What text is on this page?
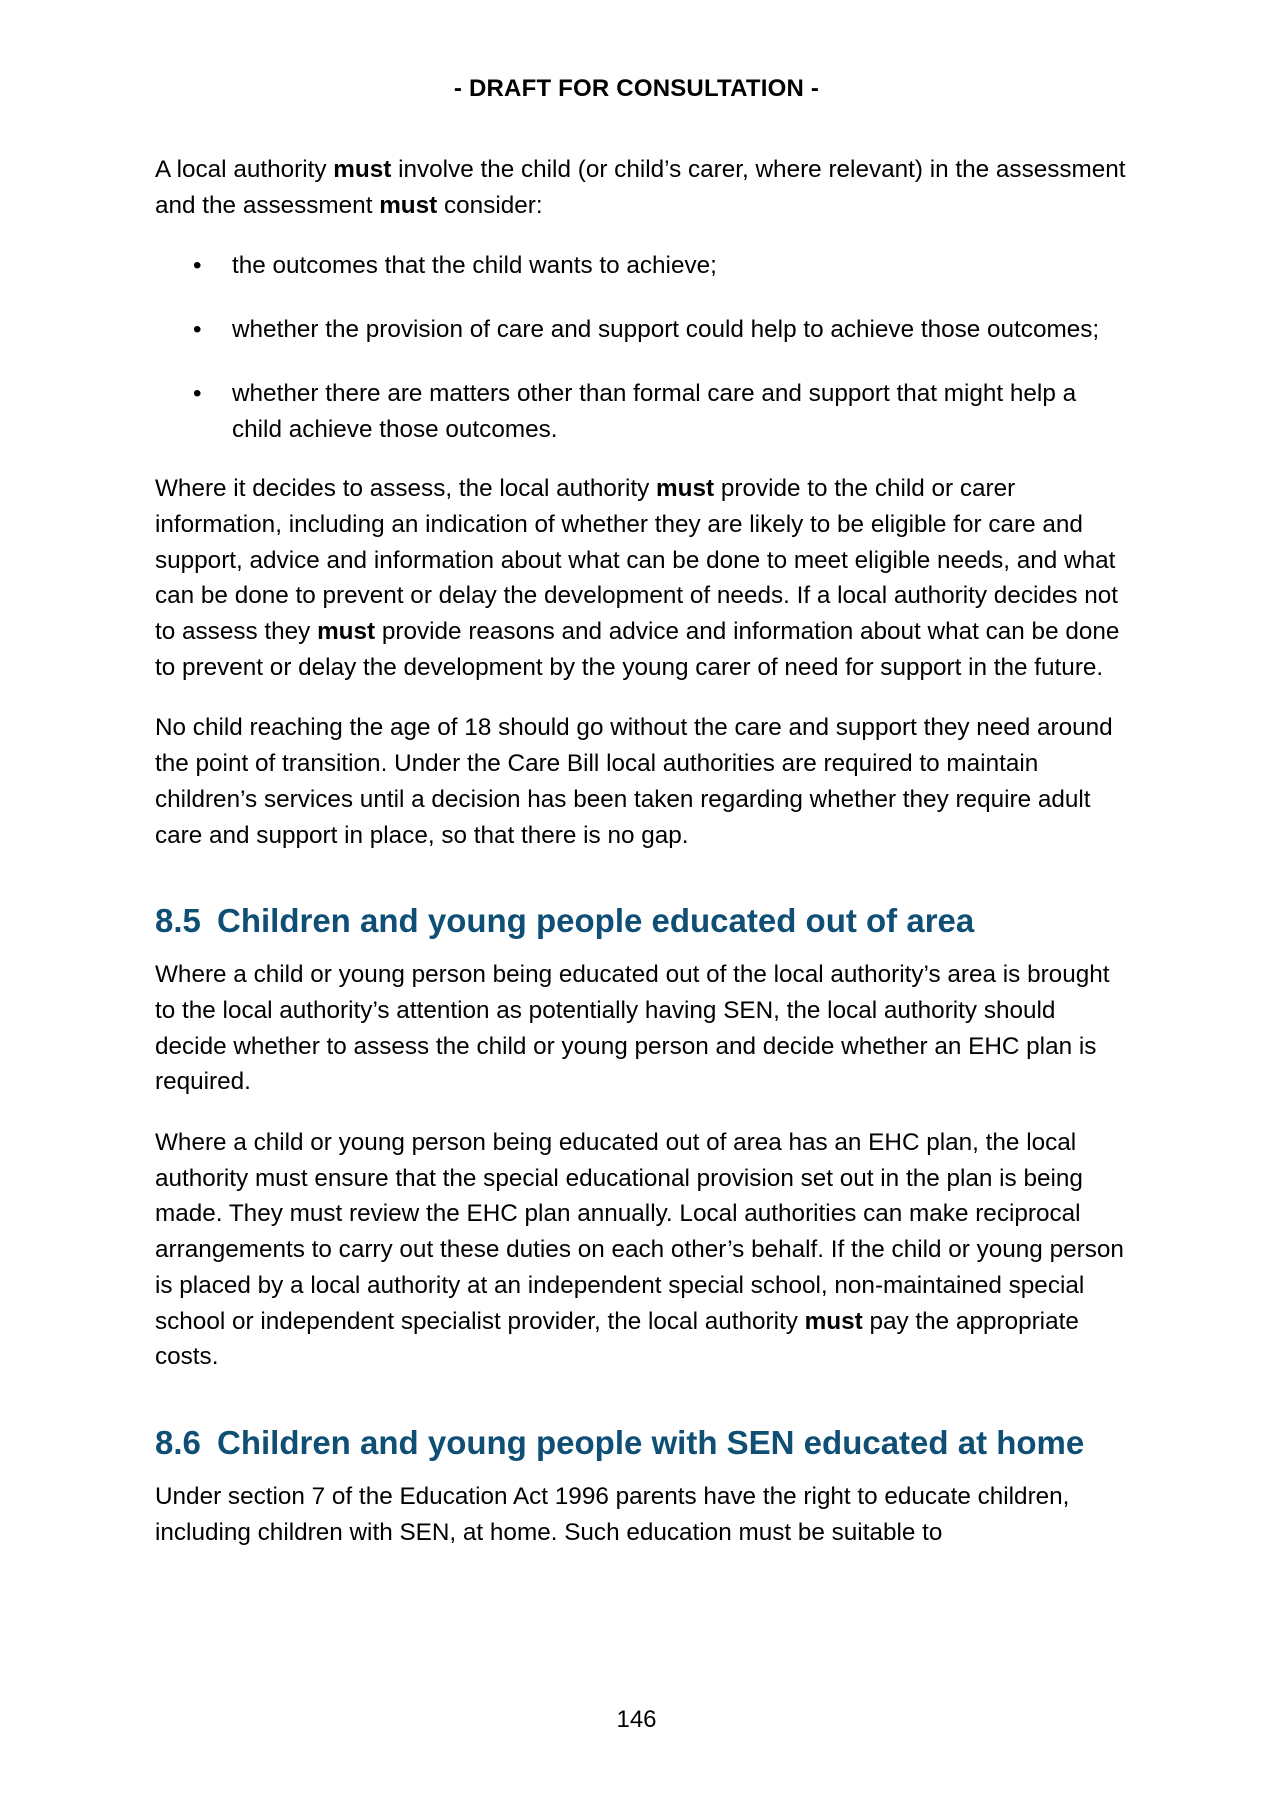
- DRAFT FOR CONSULTATION -

A local authority must involve the child (or child’s carer, where relevant) in the assessment and the assessment must consider:

• the outcomes that the child wants to achieve;
• whether the provision of care and support could help to achieve those outcomes;
• whether there are matters other than formal care and support that might help a child achieve those outcomes.

Where it decides to assess, the local authority must provide to the child or carer information, including an indication of whether they are likely to be eligible for care and support, advice and information about what can be done to meet eligible needs, and what can be done to prevent or delay the development of needs. If a local authority decides not to assess they must provide reasons and advice and information about what can be done to prevent or delay the development by the young carer of need for support in the future.

No child reaching the age of 18 should go without the care and support they need around the point of transition. Under the Care Bill local authorities are required to maintain children’s services until a decision has been taken regarding whether they require adult care and support in place, so that there is no gap.

8.5 Children and young people educated out of area

Where a child or young person being educated out of the local authority’s area is brought to the local authority’s attention as potentially having SEN, the local authority should decide whether to assess the child or young person and decide whether an EHC plan is required.

Where a child or young person being educated out of area has an EHC plan, the local authority must ensure that the special educational provision set out in the plan is being made. They must review the EHC plan annually. Local authorities can make reciprocal arrangements to carry out these duties on each other’s behalf. If the child or young person is placed by a local authority at an independent special school, non-maintained special school or independent specialist provider, the local authority must pay the appropriate costs.

8.6 Children and young people with SEN educated at home

Under section 7 of the Education Act 1996 parents have the right to educate children, including children with SEN, at home. Such education must be suitable to

146
